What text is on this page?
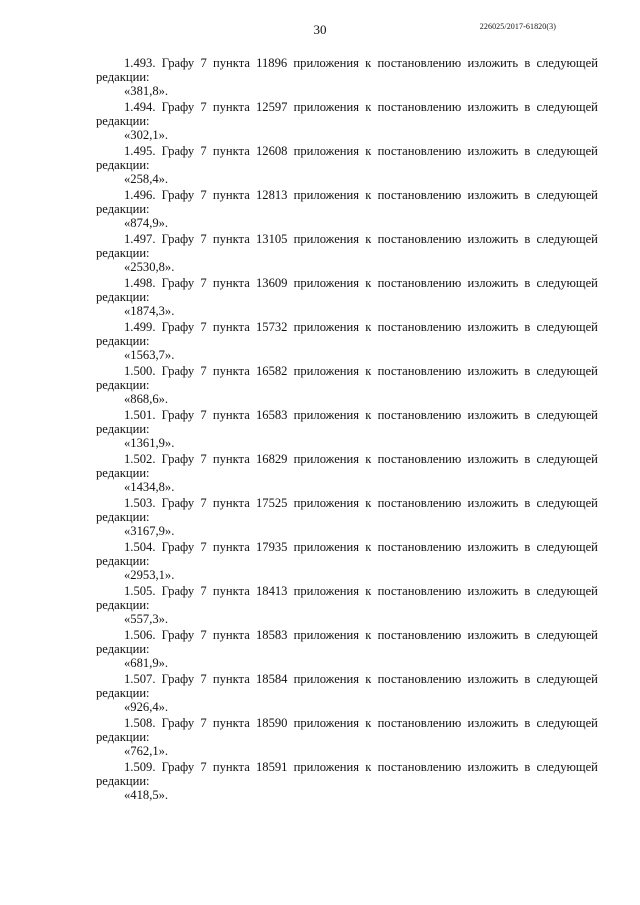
30	226025/2017-61820(3)
1.493. Графу 7 пункта 11896 приложения к постановлению изложить в следующей
редакции:
«381,8».
1.494. Графу 7 пункта 12597 приложения к постановлению изложить в следующей
редакции:
«302,1».
1.495. Графу 7 пункта 12608 приложения к постановлению изложить в следующей
редакции:
«258,4».
1.496. Графу 7 пункта 12813 приложения к постановлению изложить в следующей
редакции:
«874,9».
1.497. Графу 7 пункта 13105 приложения к постановлению изложить в следующей
редакции:
«2530,8».
1.498. Графу 7 пункта 13609 приложения к постановлению изложить в следующей
редакции:
«1874,3».
1.499. Графу 7 пункта 15732 приложения к постановлению изложить в следующей
редакции:
«1563,7».
1.500. Графу 7 пункта 16582 приложения к постановлению изложить в следующей
редакции:
«868,6».
1.501. Графу 7 пункта 16583 приложения к постановлению изложить в следующей
редакции:
«1361,9».
1.502. Графу 7 пункта 16829 приложения к постановлению изложить в следующей
редакции:
«1434,8».
1.503. Графу 7 пункта 17525 приложения к постановлению изложить в следующей
редакции:
«3167,9».
1.504. Графу 7 пункта 17935 приложения к постановлению изложить в следующей
редакции:
«2953,1».
1.505. Графу 7 пункта 18413 приложения к постановлению изложить в следующей
редакции:
«557,3».
1.506. Графу 7 пункта 18583 приложения к постановлению изложить в следующей
редакции:
«681,9».
1.507. Графу 7 пункта 18584 приложения к постановлению изложить в следующей
редакции:
«926,4».
1.508. Графу 7 пункта 18590 приложения к постановлению изложить в следующей
редакции:
«762,1».
1.509. Графу 7 пункта 18591 приложения к постановлению изложить в следующей
редакции:
«418,5».
